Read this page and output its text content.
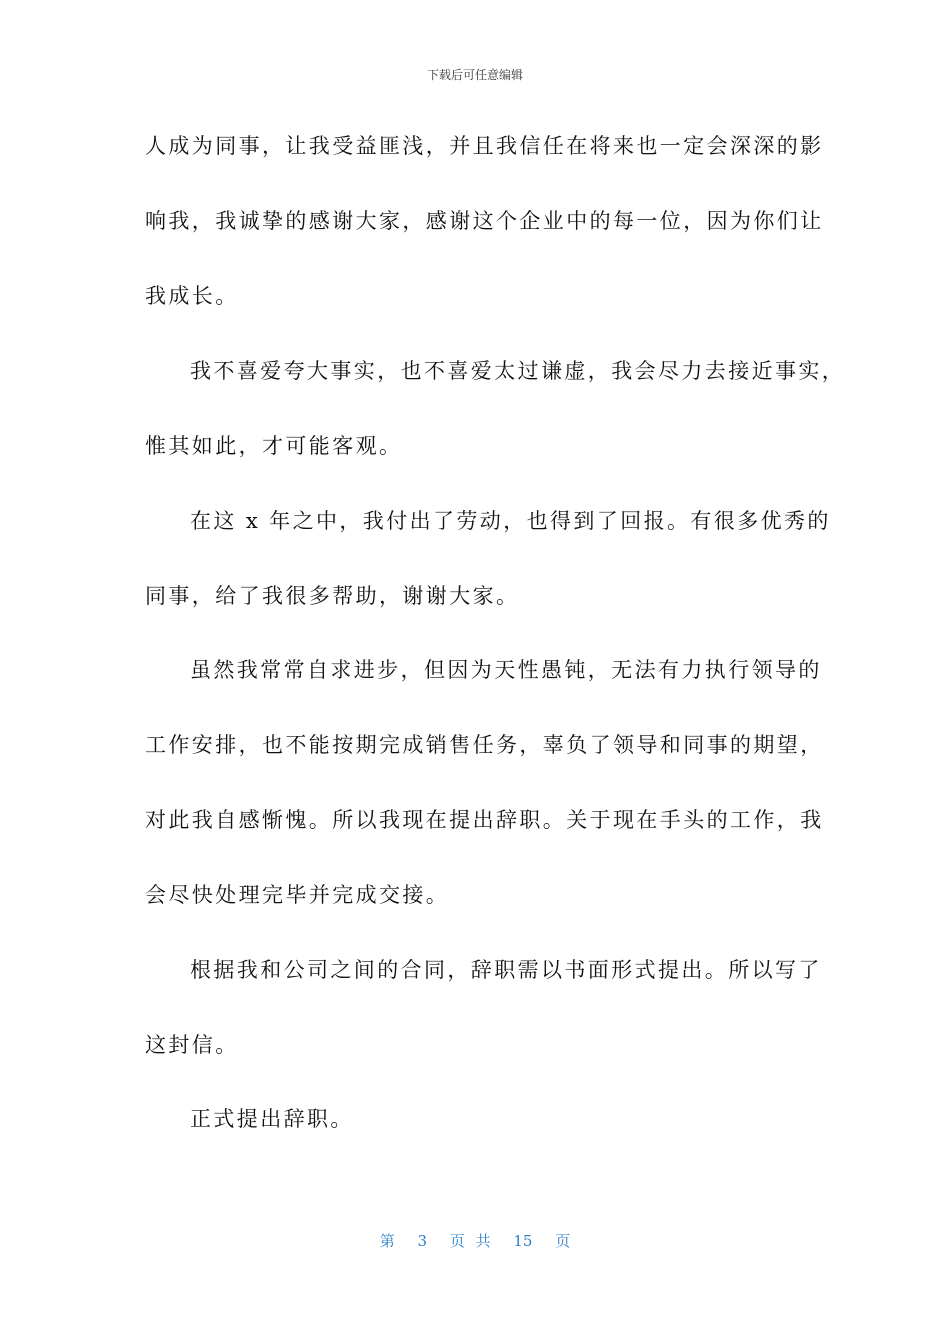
下载后可任意编辑
人成为同事，让我受益匪浅，并且我信任在将来也一定会深深的影
响我，我诚挚的感谢大家，感谢这个企业中的每一位，因为你们让
我成长。
我不喜爱夸大事实，也不喜爱太过谦虚，我会尽力去接近事实，
惟其如此，才可能客观。
在这 x 年之中，我付出了劳动，也得到了回报。有很多优秀的
同事，给了我很多帮助，谢谢大家。
虽然我常常自求进步，但因为天性愚钝，无法有力执行领导的
工作安排，也不能按期完成销售任务，辜负了领导和同事的期望，
对此我自感惭愧。所以我现在提出辞职。关于现在手头的工作，我
会尽快处理完毕并完成交接。
根据我和公司之间的合同，辞职需以书面形式提出。所以写了
这封信。
正式提出辞职。
第 3 页 共 15 页
